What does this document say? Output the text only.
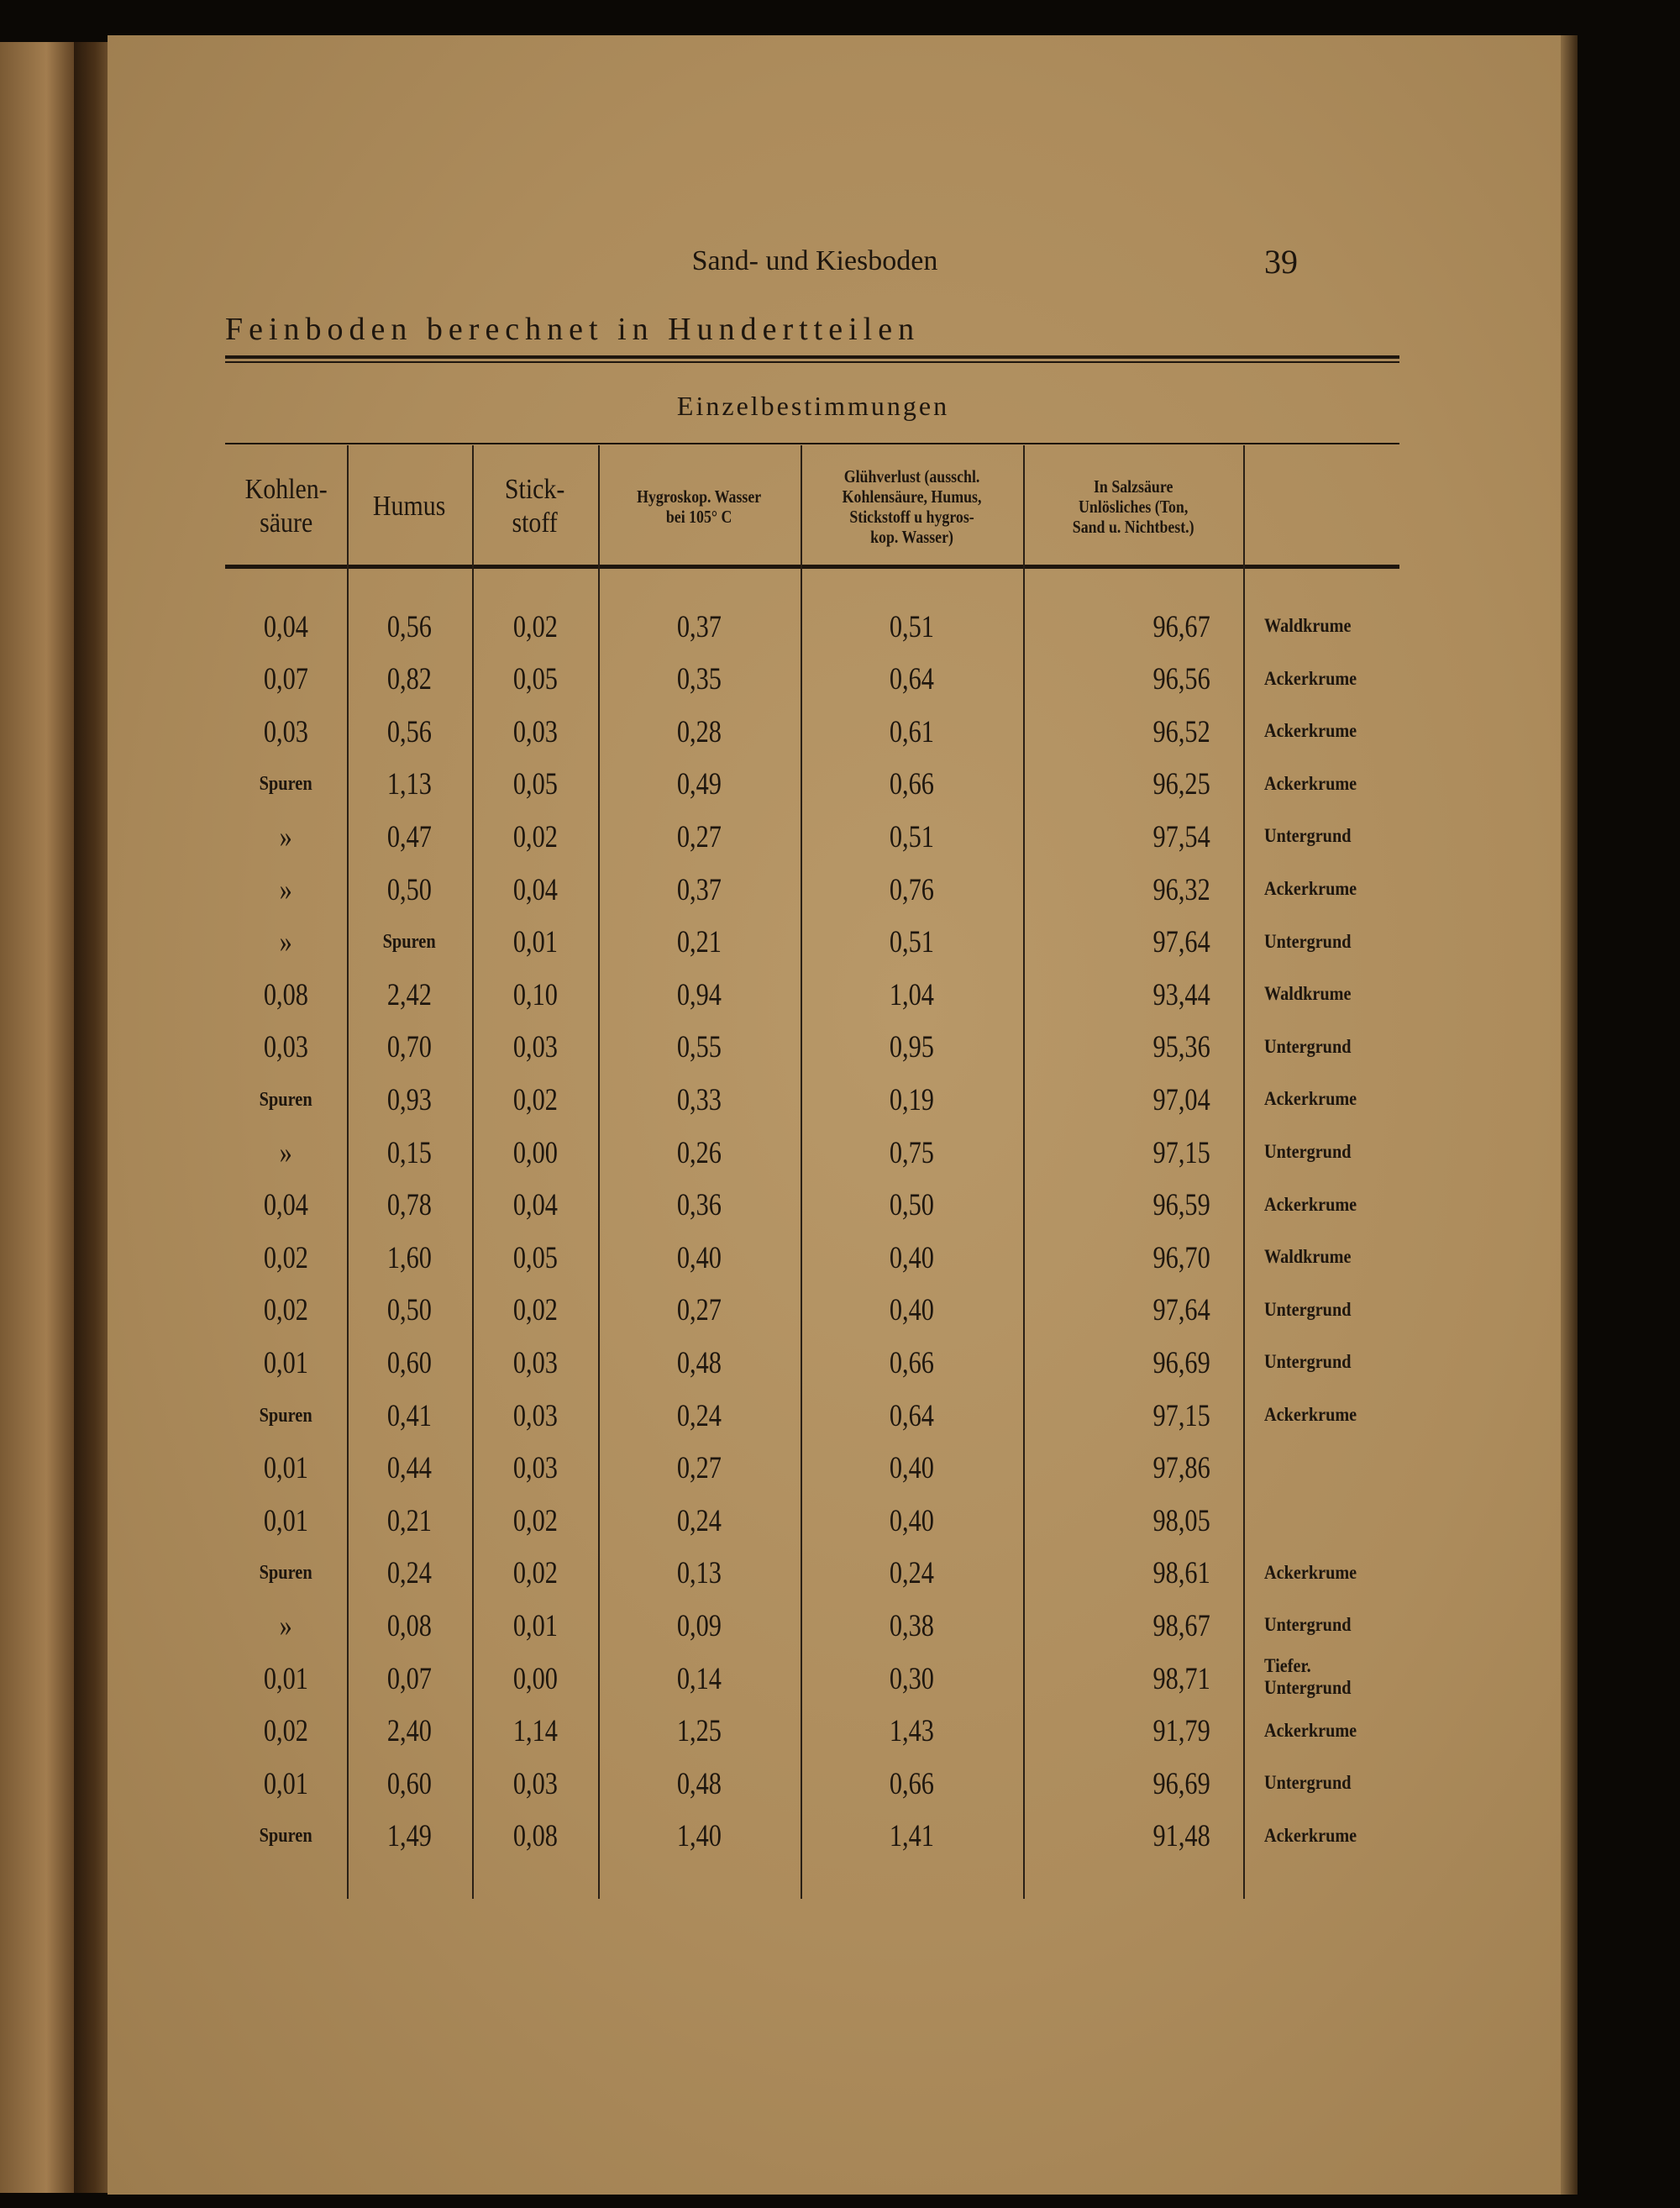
Sand- und Kiesboden	39
Feinboden berechnet in Hundertteilen
Einzelbestimmungen
Kohlen-
säure
Humus
Stick-
stoff
Hygroskop. Wasser
bei 105° C
Glühverlust (ausschl.
Kohlensäure, Humus,
Stickstoff u hygros-
kop. Wasser)
In Salzsäure
Unlösliches (Ton,
Sand u. Nichtbest.)
0,04	0,56	0,02	0,37	0,51	96,67	Waldkrume
0,07	0,82	0,05	0,35	0,64	96,56	Ackerkrume
0,03	0,56	0,03	0,28	0,61	96,52	Ackerkrume
Spuren 1,13	0,05	0,49	0,66	96,25	Ackerkrume
»	0,47	0,02	0,27	0,51	97,54	Untergrund
»	0,50	0,04	0,37	0,76	96,32	Ackerkrume
»	Spuren 0,01	0,21	0,51	97,64	Untergrund
0,08	2,42	0,10	0,94	1,04	93,44	Waldkrume
0,03	0,70	0,03	0,55	0,95	95,36	Untergrund
Spuren 0,93	0,02	0,33	0,19	97,04	Ackerkrume
»	0,15	0,00	0,26	0,75	97,15	Untergrund
0,04	0,78	0,04	0,36	0,50	96,59	Ackerkrume
0,02	1,60	0,05	0,40	0,40	96,70	Waldkrume
0,02	0,50	0,02	0,27	0,40	97,64	Untergrund
0,01	0,60	0,03	0,48	0,66	96,69	Untergrund
Spuren 0,41	0,03	0,24	0,64	97,15	Ackerkrume
0,01	0,44	0,03	0,27	0,40	97,86
0,01	0,21	0,02	0,24	0,40	98,05
Spuren 0,24	0,02	0,13	0,24	98,61	Ackerkrume
»	0,08	0,01	0,09	0,38	98,67	Untergrund
0,01	0,07	0,00	0,14	0,30	98,71	Tiefer. Untergrund
0,02	2,40	1,14	1,25	1,43	91,79	Ackerkrume
0,01	0,60	0,03	0,48	0,66	96,69	Untergrund
Spuren 1,49	0,08	1,40	1,41	91,48	Ackerkrume
